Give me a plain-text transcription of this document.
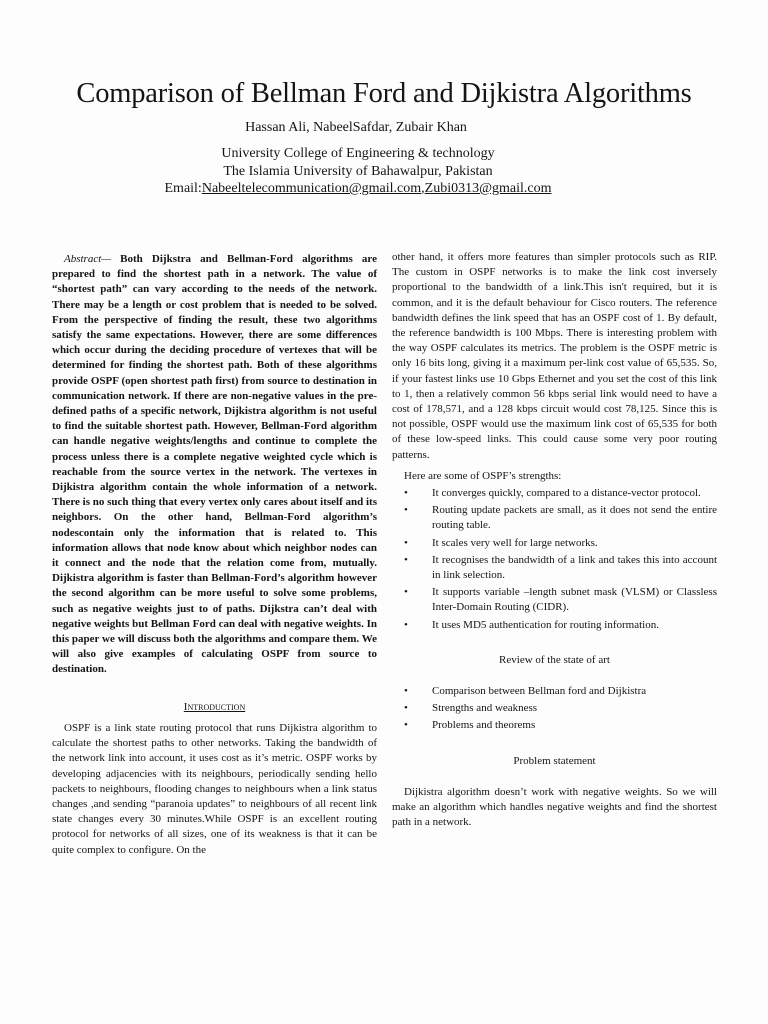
Comparison of Bellman Ford and Dijkistra Algorithms
Hassan Ali, NabeelSafdar, Zubair Khan
University College of Engineering & technology
The Islamia University of Bahawalpur, Pakistan
Email:Nabeeltelecommunication@gmail.com,Zubi0313@gmail.com

Abstract— Both Dijkstra and Bellman-Ford algorithms are prepared to find the shortest path in a network. The value of “shortest path” can vary according to the needs of the network. There may be a length or cost problem that is needed to be solved. From the perspective of finding the result, these two algorithms satisfy the same expectations. However, there are some differences which occur during the deciding procedure of vertexes that will be determined for finding the shortest path. Both of these algorithms provide OSPF (open shortest path first) from source to destination in communication network. If there are non-negative values in the pre-defined paths of a specific network, Dijkistra algorithm is not useful to find the suitable shortest path. However, Bellman-Ford algorithm can handle negative weights/lengths and continue to complete the process unless there is a complete negative weighted cycle which is reachable from the source vertex in the network. The vertexes in Dijkistra algorithm contain the whole information of a network. There is no such thing that every vertex only cares about itself and its neighbors. On the other hand, Bellman-Ford algorithm’s nodescontain only the information that is related to. This information allows that node know about which neighbor nodes can it connect and the node that the relation come from, mutually. Dijkistra algorithm is faster than Bellman-Ford’s algorithm however the second algorithm can be more useful to solve some problems, such as negative weights just to of paths. Dijkstra can’t deal with negative weights but Bellman Ford can deal with negative weights. In this paper we will discuss both the algorithms and compare them. We will also give examples of calculating OSPF from source to destination.

Introduction

OSPF is a link state routing protocol that runs Dijkistra algorithm to calculate the shortest paths to other networks. Taking the bandwidth of the network link into account, it uses cost as it’s metric. OSPF works by developing adjacencies with its neighbours, periodically sending hello packets to neighbours, flooding changes to neighbours when a link status changes ,and sending “paranoia updates” to neighbours of all recent link state changes every 30 minutes.While OSPF is an excellent routing protocol for networks of all sizes, one of its weakness is that it can be quite complex to configure. On the

other hand, it offers more features than simpler protocols such as RIP. The custom in OSPF networks is to make the link cost inversely proportional to the bandwidth of a link.This isn't required, but it is common, and it is the default behaviour for Cisco routers. The reference bandwidth defines the link speed that has an OSPF cost of 1. By default, the reference bandwidth is 100 Mbps. There is interesting problem with the way OSPF calculates its metrics. The problem is the OSPF metric is only 16 bits long, giving it a maximum per-link cost value of 65,535. So, if your fastest links use 10 Gbps Ethernet and you set the cost of this link to 1, then a relatively common 56 kbps serial link would need to have a cost of 178,571, and a 128 kbps circuit would cost 78,125. Since this is not possible, OSPF would use the maximum link cost of 65,535 for both of these low-speed links. This could cause some very poor routing patterns.

Here are some of OSPF’s strengths:

• It converges quickly, compared to a distance-vector protocol.
• Routing update packets are small, as it does not send the entire routing table.
• It scales very well for large networks.
• It recognises the bandwidth of a link and takes this into account in link selection.
• It supports variable –length subnet mask (VLSM) or Classless Inter-Domain Routing (CIDR).
• It uses MD5 authentication for routing information.
Review of the state of art
• Comparison between Bellman ford and Dijkistra
• Strengths and weakness
• Problems and theorems
Problem statement

Dijkistra algorithm doesn’t work with negative weights. So we will make an algorithm which handles negative weights and find the shortest path in a network.
